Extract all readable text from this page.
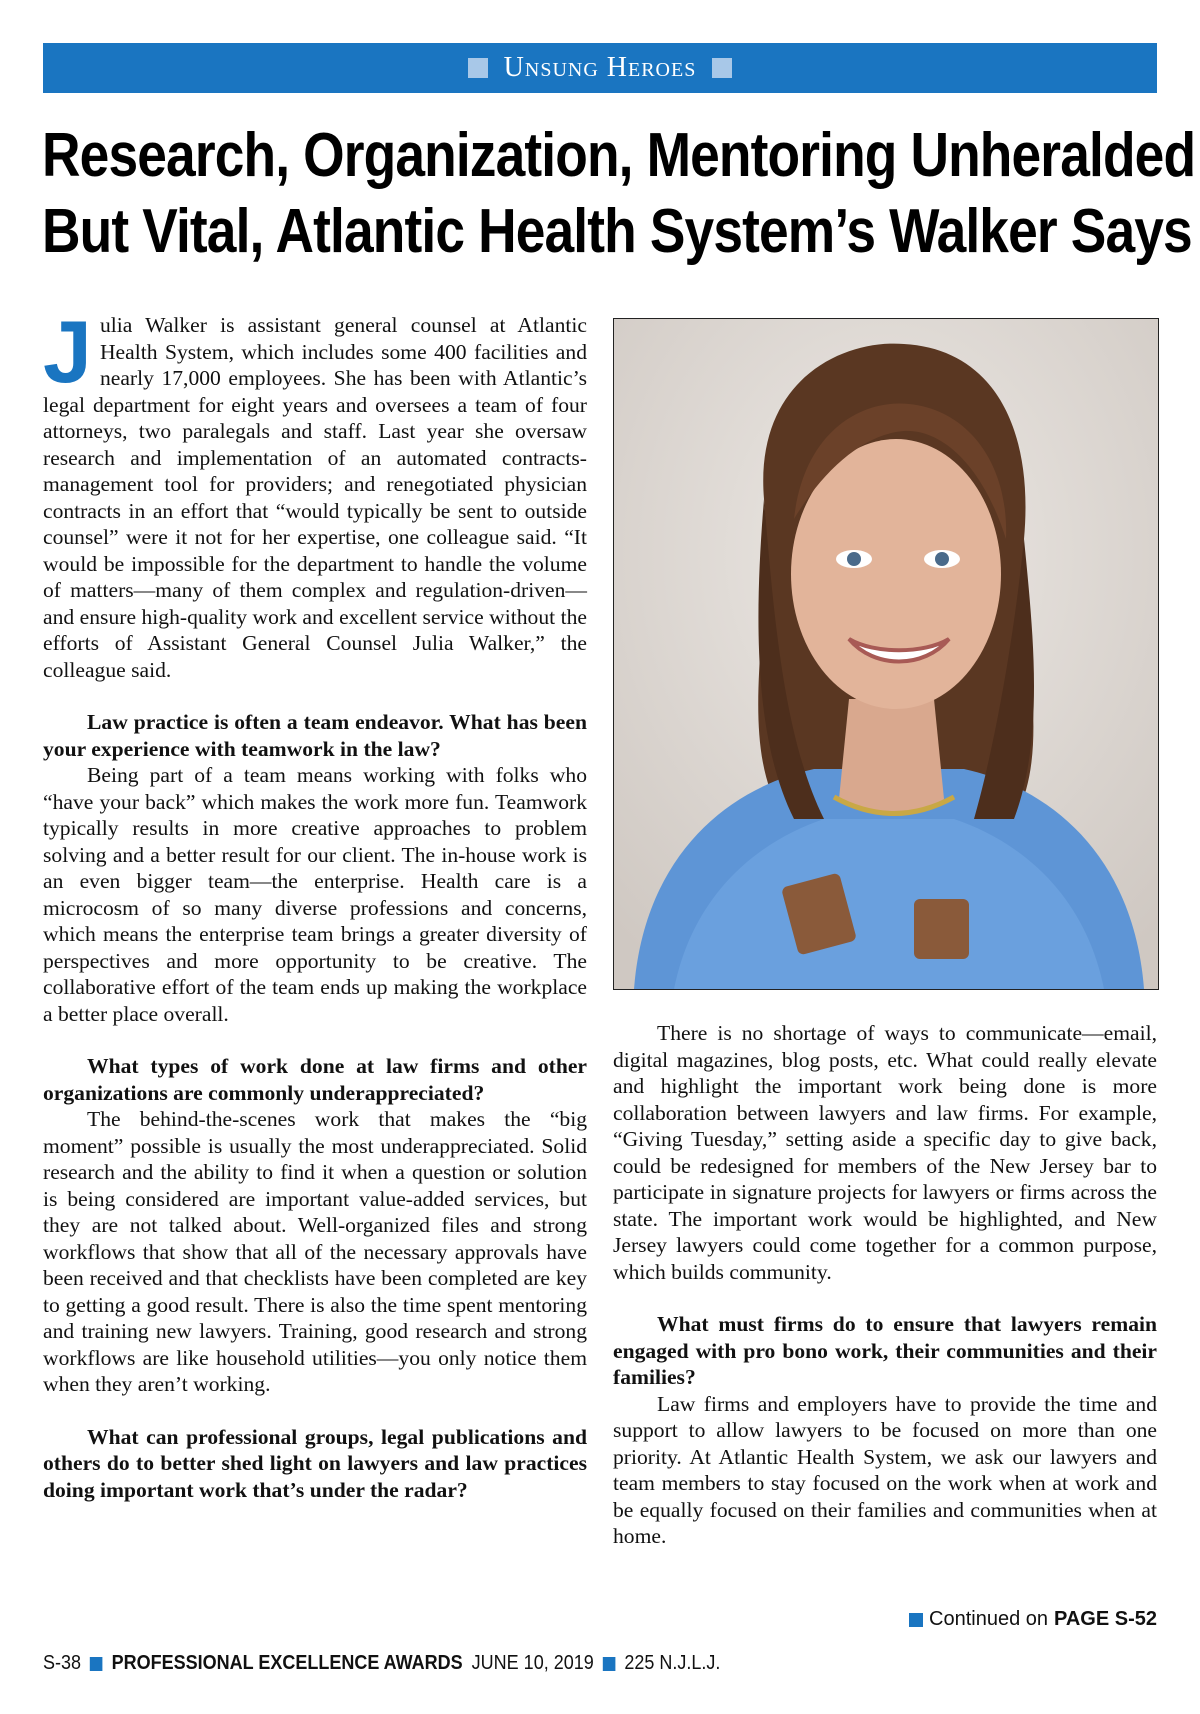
Unsung Heroes
Research, Organization, Mentoring Unheralded
But Vital, Atlantic Health System’s Walker Says

Julia Walker is assistant general counsel at Atlantic Health System, which includes some 400 facilities and nearly 17,000 employees. She has been with Atlantic’s legal department for eight years and oversees a team of four attorneys, two paralegals and staff. Last year she oversaw research and implementation of an automated contracts-management tool for providers; and renegotiated physician contracts in an effort that “would typically be sent to outside counsel” were it not for her expertise, one colleague said. “It would be impossible for the department to handle the volume of matters—many of them complex and regulation-driven—and ensure high-quality work and excellent service without the efforts of Assistant General Counsel Julia Walker,” the colleague said.

Law practice is often a team endeavor. What has been your experience with teamwork in the law?

Being part of a team means working with folks who “have your back” which makes the work more fun. Teamwork typically results in more creative approaches to problem solving and a better result for our client. The in-house work is an even bigger team—the enterprise. Health care is a microcosm of so many diverse professions and concerns, which means the enterprise team brings a greater diversity of perspectives and more opportunity to be creative. The collaborative effort of the team ends up making the workplace a better place overall.

What types of work done at law firms and other organizations are commonly underappreciated?

The behind-the-scenes work that makes the “big moment” possible is usually the most underappreciated. Solid research and the ability to find it when a question or solution is being considered are important value-added services, but they are not talked about. Well-organized files and strong workflows that show that all of the necessary approvals have been received and that checklists have been completed are key to getting a good result. There is also the time spent mentoring and training new lawyers. Training, good research and strong workflows are like household utilities—you only notice them when they aren’t working.

What can professional groups, legal publications and others do to better shed light on lawyers and law practices doing important work that’s under the radar?

There is no shortage of ways to communicate—email, digital magazines, blog posts, etc. What could really elevate and highlight the important work being done is more collaboration between lawyers and law firms. For example, “Giving Tuesday,” setting aside a specific day to give back, could be redesigned for members of the New Jersey bar to participate in signature projects for lawyers or firms across the state. The important work would be highlighted, and New Jersey lawyers could come together for a common purpose, which builds community.

What must firms do to ensure that lawyers remain engaged with pro bono work, their communities and their families?

Law firms and employers have to provide the time and support to allow lawyers to be focused on more than one priority. At Atlantic Health System, we ask our lawyers and team members to stay focused on the work when at work and be equally focused on their families and communities when at home.

Continued on PAGE S-52
S-38 PROFESSIONAL EXCELLENCE AWARDS JUNE 10, 2019 225 N.J.L.J.
